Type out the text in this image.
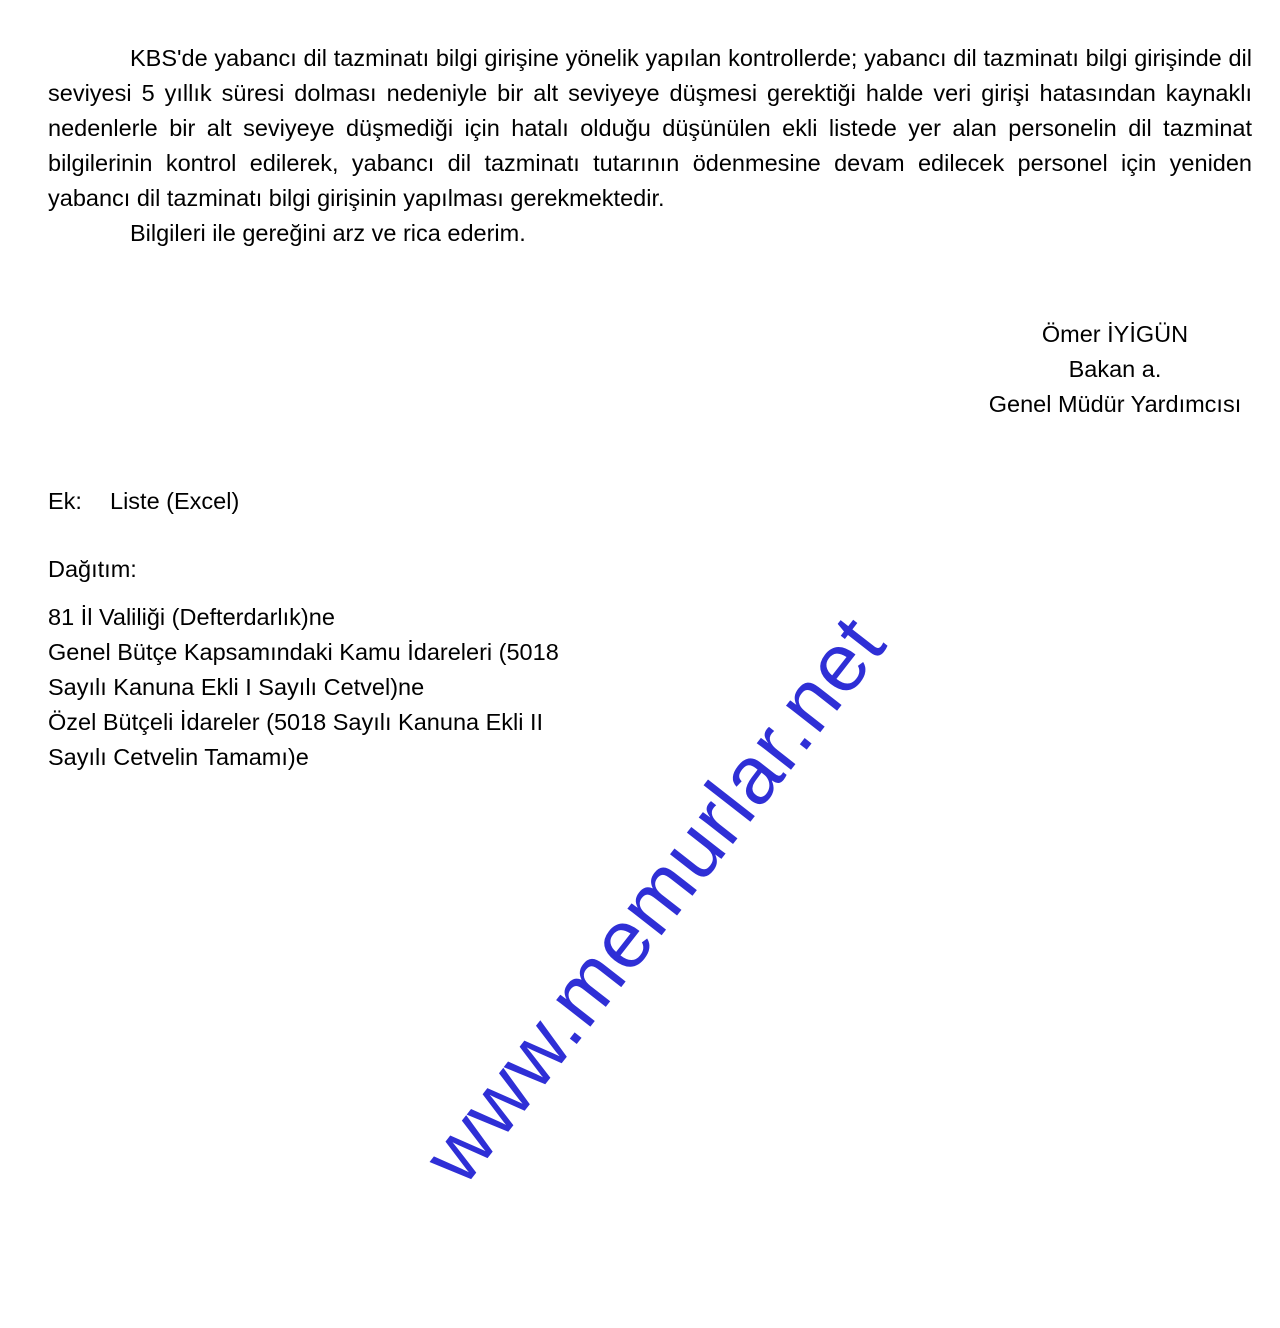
KBS'de yabancı dil tazminatı bilgi girişine yönelik yapılan kontrollerde; yabancı dil tazminatı bilgi girişinde dil seviyesi 5 yıllık süresi dolması nedeniyle bir alt seviyeye düşmesi gerektiği halde veri girişi hatasından kaynaklı nedenlerle bir alt seviyeye düşmediği için hatalı olduğu düşünülen ekli listede yer alan personelin dil tazminat bilgilerinin kontrol edilerek, yabancı dil tazminatı tutarının ödenmesine devam edilecek personel için yeniden yabancı dil tazminatı bilgi girişinin yapılması gerekmektedir.

Bilgileri ile gereğini arz ve rica ederim.

Ömer İYİGÜN
Bakan a.
Genel Müdür Yardımcısı
Ek: Liste (Excel)
Dağıtım:
81 İl Valiliği (Defterdarlık)ne
Genel Bütçe Kapsamındaki Kamu İdareleri (5018
Sayılı Kanuna Ekli I Sayılı Cetvel)ne
Özel Bütçeli İdareler (5018 Sayılı Kanuna Ekli II
Sayılı Cetvelin Tamamı)e	www.memurlar.net
